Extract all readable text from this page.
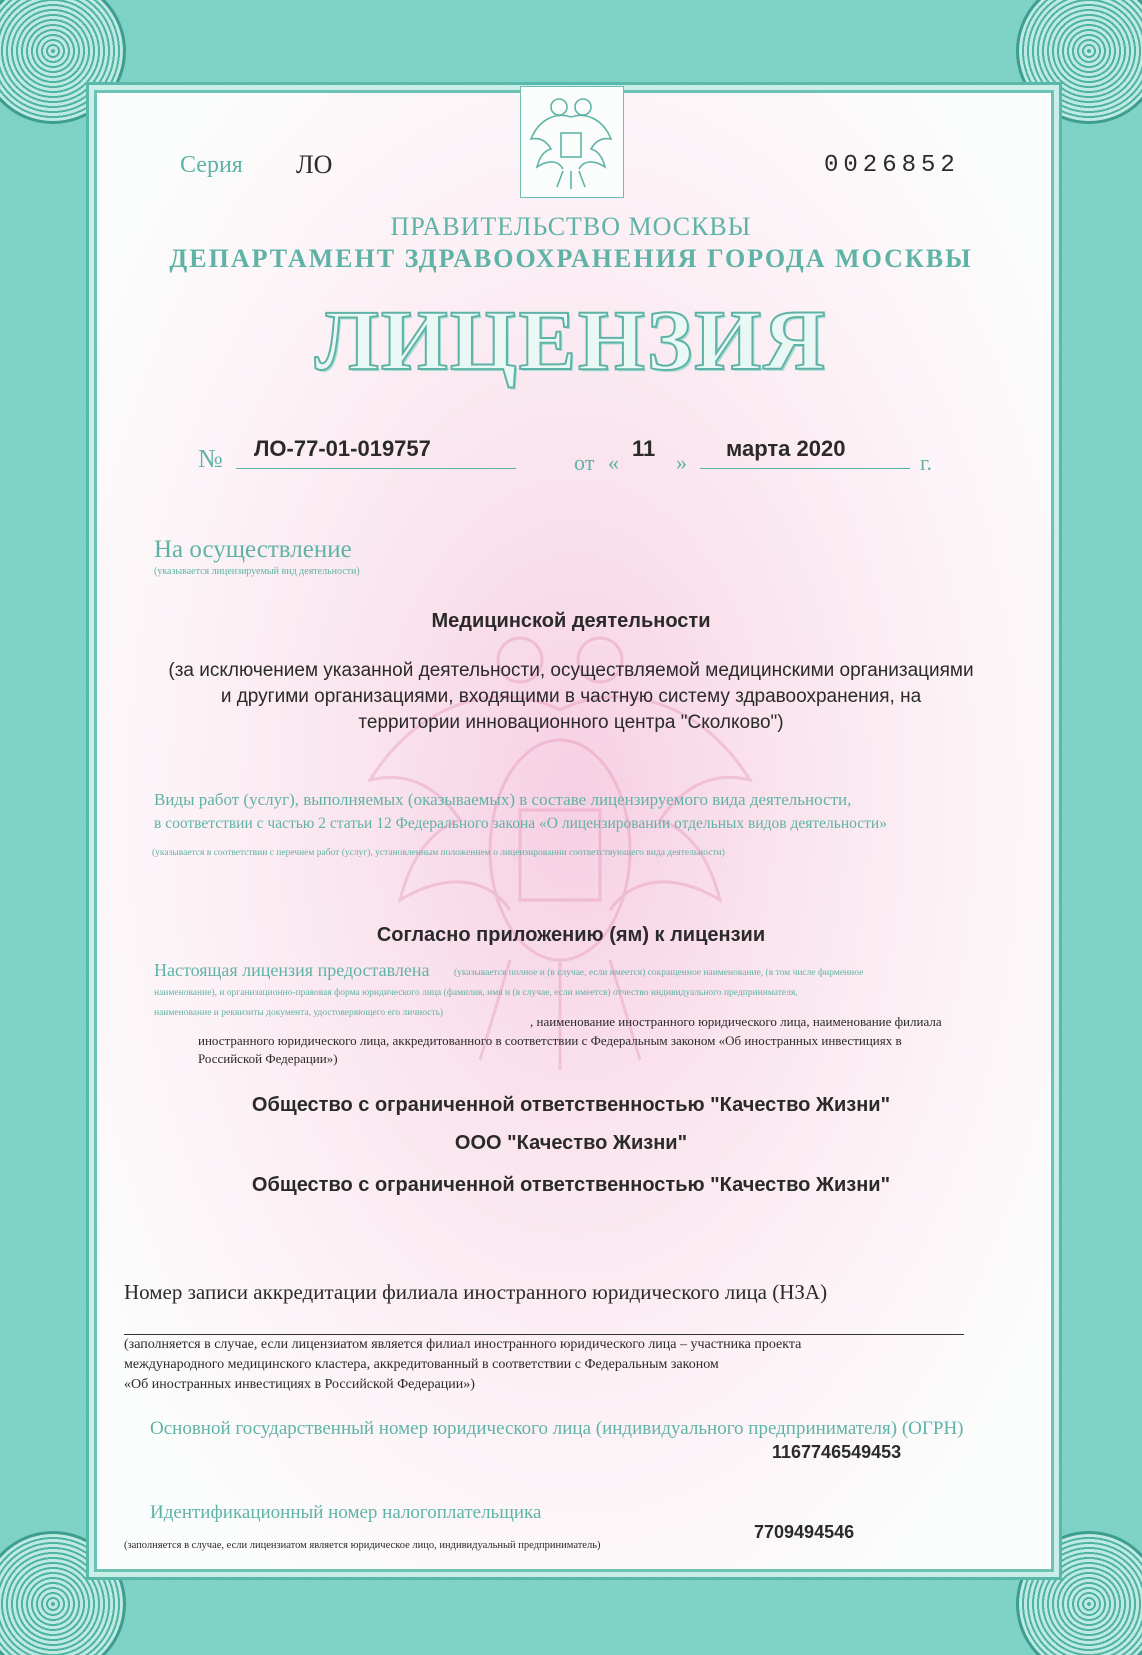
Серия ЛО	0026852
ПРАВИТЕЛЬСТВО МОСКВЫ
ДЕПАРТАМЕНТ ЗДРАВООХРАНЕНИЯ ГОРОДА МОСКВЫ
ЛИЦЕНЗИЯ
№ ЛО-77-01-019757
от «
11
»
марта 2020
г.
На осуществление
(указывается лицензируемый вид деятельности)
Медицинской деятельности
(за исключением указанной деятельности, осуществляемой медицинскими организациями
и другими организациями, входящими в частную систему здравоохранения, на
территории инновационного центра "Сколково")
Виды работ (услуг), выполняемых (оказываемых) в составе лицензируемого вида деятельности,
в соответствии с частью 2 статьи 12 Федерального закона «О лицензировании отдельных видов деятельности»
(указывается в соответствии с перечнем работ (услуг), установленным положением о лицензировании соответствующего вида деятельности)
Согласно приложению (ям) к лицензии
Настоящая лицензия предоставлена	(указывается полное и (в случае, если имеется) сокращенное наименование, (в том числе фирменное
наименование), и организационно-правовая форма юридического лица (фамилия, имя и (в случае, если имеется) отчество индивидуального предпринимателя,
наименование и реквизиты документа, удостоверяющего его личность)
, наименование иностранного юридического лица, наименование филиала
иностранного юридического лица, аккредитованного в соответствии с Федеральным законом «Об иностранных инвестициях в
Российской Федерации»)
Общество с ограниченной ответственностью "Качество Жизни"
ООО "Качество Жизни"
Общество с ограниченной ответственностью "Качество Жизни"
Номер записи аккредитации филиала иностранного юридического лица (НЗА)
(заполняется в случае, если лицензиатом является филиал иностранного юридического лица – участника проекта
международного медицинского кластера, аккредитованный в соответствии с Федеральным законом
«Об иностранных инвестициях в Российской Федерации»)
Основной государственный номер юридического лица (индивидуального предпринимателя) (ОГРН)
1167746549453
Идентификационный номер налогоплательщика
7709494546
(заполняется в случае, если лицензиатом является юридическое лицо, индивидуальный предприниматель)
